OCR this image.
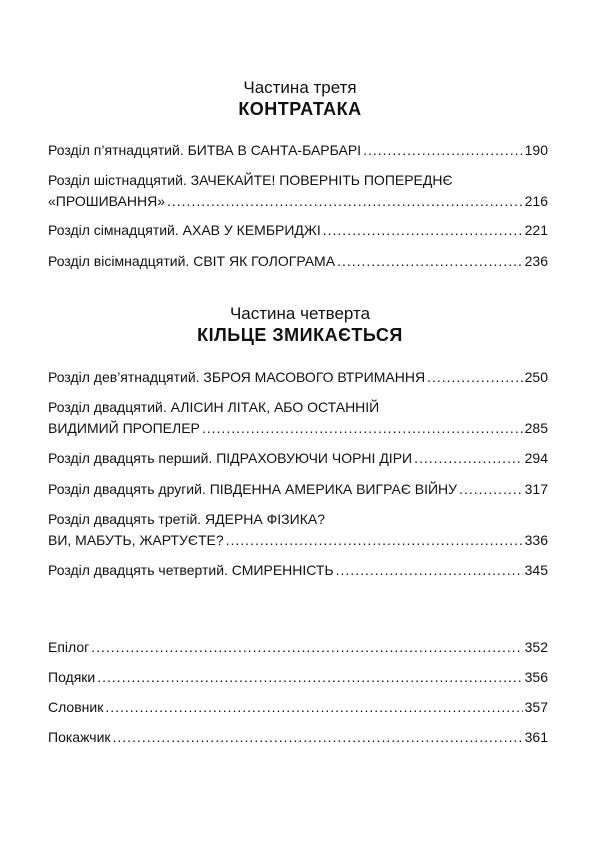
Частина третя
КОНТРАТАКА
Розділ п’ятнадцятий. БИТВА В САНТА-БАРБАРІ .....	190
Розділ шістнадцятий. ЗАЧЕКАЙТЕ! ПОВЕРНІТЬ ПОПЕРЕДНЄ
«ПРОШИВАННЯ» .....	216
Розділ сімнадцятий. АХАВ У КЕМБРИДЖІ .....	221
Розділ вісімнадцятий. СВІТ ЯК ГОЛОГРАМА .....	236
Частина четверта
КІЛЬЦЕ ЗМИКАЄТЬСЯ
Розділ дев’ятнадцятий. ЗБРОЯ МАСОВОГО ВТРИМАННЯ .....	250
Розділ двадцятий. АЛІСИН ЛІТАК, АБО ОСТАННІЙ
ВИДИМИЙ ПРОПЕЛЕР .....	285
Розділ двадцять перший. ПІДРАХОВУЮЧИ ЧОРНІ ДІРИ .....	294
Розділ двадцять другий. ПІВДЕННА АМЕРИКА ВИГРАЄ ВІЙНУ .....	317
Розділ двадцять третій. ЯДЕРНА ФІЗИКА?
ВИ, МАБУТЬ, ЖАРТУЄТЕ? .....	336
Розділ двадцять четвертий. СМИРЕННІСТЬ .....	345
Епілог .....	352
Подяки .....	356
Словник .....	357
Покажчик .....	361
